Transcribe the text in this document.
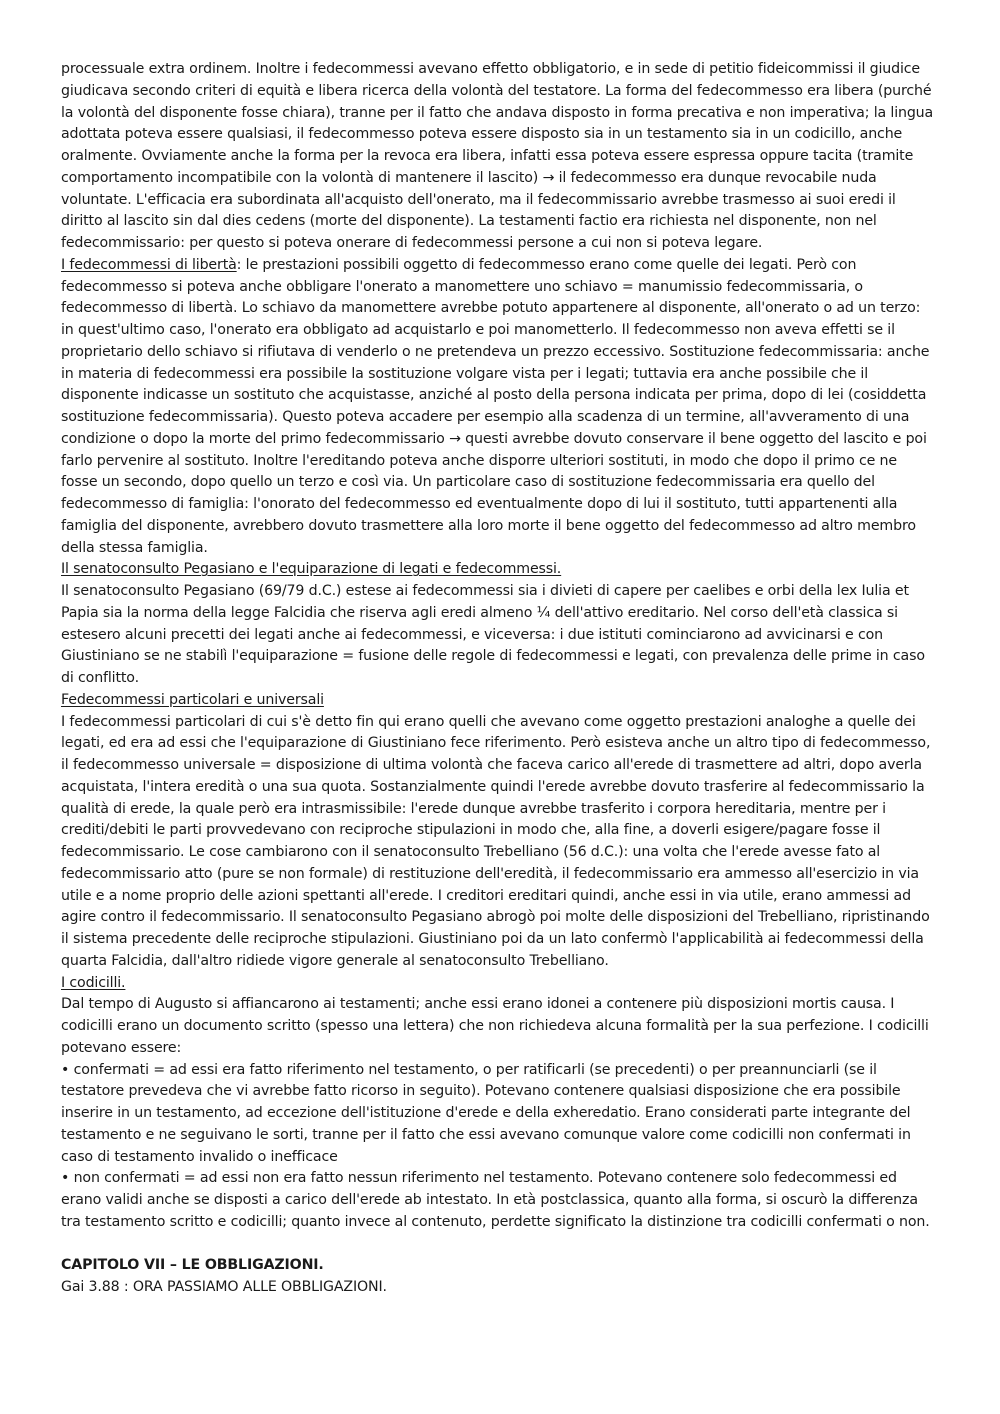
processuale extra ordinem. Inoltre i fedecommessi avevano effetto obbligatorio, e in sede di petitio fideicommissi il giudice giudicava secondo criteri di equità e libera ricerca della volontà del testatore. La forma del fedecommesso era libera (purché la volontà del disponente fosse chiara), tranne per il fatto che andava disposto in forma precativa e non imperativa; la lingua adottata poteva essere qualsiasi, il fedecommesso poteva essere disposto sia in un testamento sia in un codicillo, anche oralmente. Ovviamente anche la forma per la revoca era libera, infatti essa poteva essere espressa oppure tacita (tramite comportamento incompatibile con la volontà di mantenere il lascito) → il fedecommesso era dunque revocabile nuda voluntate. L'efficacia era subordinata all'acquisto dell'onerato, ma il fedecommissario avrebbe trasmesso ai suoi eredi il diritto al lascito sin dal dies cedens (morte del disponente). La testamenti factio era richiesta nel disponente, non nel fedecommissario: per questo si poteva onerare di fedecommessi persone a cui non si poteva legare.

I fedecommessi di libertà: le prestazioni possibili oggetto di fedecommesso erano come quelle dei legati. Però con fedecommesso si poteva anche obbligare l'onerato a manomettere uno schiavo = manumissio fedecommissaria, o fedecommesso di libertà. Lo schiavo da manomettere avrebbe potuto appartenere al disponente, all'onerato o ad un terzo: in quest'ultimo caso, l'onerato era obbligato ad acquistarlo e poi manometterlo. Il fedecommesso non aveva effetti se il proprietario dello schiavo si rifiutava di venderlo o ne pretendeva un prezzo eccessivo. Sostituzione fedecommissaria: anche in materia di fedecommessi era possibile la sostituzione volgare vista per i legati; tuttavia era anche possibile che il disponente indicasse un sostituto che acquistasse, anziché al posto della persona indicata per prima, dopo di lei (cosiddetta sostituzione fedecommissaria). Questo poteva accadere per esempio alla scadenza di un termine, all'avveramento di una condizione o dopo la morte del primo fedecommissario → questi avrebbe dovuto conservare il bene oggetto del lascito e poi farlo pervenire al sostituto. Inoltre l'ereditando poteva anche disporre ulteriori sostituti, in modo che dopo il primo ce ne fosse un secondo, dopo quello un terzo e così via. Un particolare caso di sostituzione fedecommissaria era quello del fedecommesso di famiglia: l'onorato del fedecommesso ed eventualmente dopo di lui il sostituto, tutti appartenenti alla famiglia del disponente, avrebbero dovuto trasmettere alla loro morte il bene oggetto del fedecommesso ad altro membro della stessa famiglia.

Il senatoconsulto Pegasiano e l'equiparazione di legati e fedecommessi.

Il senatoconsulto Pegasiano (69/79 d.C.) estese ai fedecommessi sia i divieti di capere per caelibes e orbi della lex Iulia et Papia sia la norma della legge Falcidia che riserva agli eredi almeno ¼ dell'attivo ereditario. Nel corso dell'età classica si estesero alcuni precetti dei legati anche ai fedecommessi, e viceversa: i due istituti cominciarono ad avvicinarsi e con Giustiniano se ne stabilì l'equiparazione = fusione delle regole di fedecommessi e legati, con prevalenza delle prime in caso di conflitto.

Fedecommessi particolari e universali

I fedecommessi particolari di cui s'è detto fin qui erano quelli che avevano come oggetto prestazioni analoghe a quelle dei legati, ed era ad essi che l'equiparazione di Giustiniano fece riferimento. Però esisteva anche un altro tipo di fedecommesso, il fedecommesso universale = disposizione di ultima volontà che faceva carico all'erede di trasmettere ad altri, dopo averla acquistata, l'intera eredità o una sua quota. Sostanzialmente quindi l'erede avrebbe dovuto trasferire al fedecommissario la qualità di erede, la quale però era intrasmissibile: l'erede dunque avrebbe trasferito i corpora hereditaria, mentre per i crediti/debiti le parti provvedevano con reciproche stipulazioni in modo che, alla fine, a doverli esigere/pagare fosse il fedecommissario. Le cose cambiarono con il senatoconsulto Trebelliano (56 d.C.): una volta che l'erede avesse fato al fedecommissario atto (pure se non formale) di restituzione dell'eredità, il fedecommissario era ammesso all'esercizio in via utile e a nome proprio delle azioni spettanti all'erede. I creditori ereditari quindi, anche essi in via utile, erano ammessi ad agire contro il fedecommissario. Il senatoconsulto Pegasiano abrogò poi molte delle disposizioni del Trebelliano, ripristinando il sistema precedente delle reciproche stipulazioni. Giustiniano poi da un lato confermò l'applicabilità ai fedecommessi della quarta Falcidia, dall'altro ridiede vigore generale al senatoconsulto Trebelliano.

I codicilli.

Dal tempo di Augusto si affiancarono ai testamenti; anche essi erano idonei a contenere più disposizioni mortis causa. I codicilli erano un documento scritto (spesso una lettera) che non richiedeva alcuna formalità per la sua perfezione. I codicilli potevano essere:

• confermati = ad essi era fatto riferimento nel testamento, o per ratificarli (se precedenti) o per preannunciarli (se il testatore prevedeva che vi avrebbe fatto ricorso in seguito). Potevano contenere qualsiasi disposizione che era possibile inserire in un testamento, ad eccezione dell'istituzione d'erede e della exheredatio. Erano considerati parte integrante del testamento e ne seguivano le sorti, tranne per il fatto che essi avevano comunque valore come codicilli non confermati in caso di testamento invalido o inefficace

• non confermati = ad essi non era fatto nessun riferimento nel testamento. Potevano contenere solo fedecommessi ed erano validi anche se disposti a carico dell'erede ab intestato. In età postclassica, quanto alla forma, si oscurò la differenza tra testamento scritto e codicilli; quanto invece al contenuto, perdette significato la distinzione tra codicilli confermati o non.

CAPITOLO VII – LE OBBLIGAZIONI.

Gai 3.88 : ORA PASSIAMO ALLE OBBLIGAZIONI.
